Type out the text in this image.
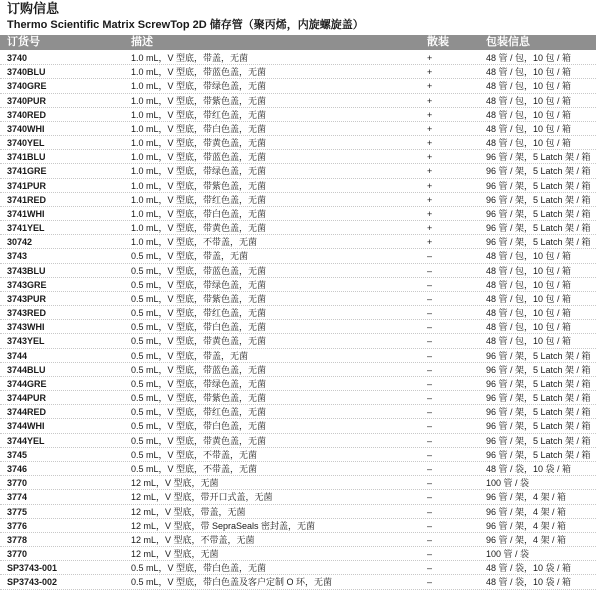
订购信息
Thermo Scientific Matrix ScrewTop 2D 储存管（聚丙烯，内旋螺旋盖）
订货号	描述	散装	包装信息
3740	1.0 mL，V 型底，带盖，无菌	+	48 管 / 包，10 包 / 箱
3740BLU	1.0 mL，V 型底，带蓝色盖，无菌	+	48 管 / 包，10 包 / 箱
3740GRE	1.0 mL，V 型底，带绿色盖，无菌	+	48 管 / 包，10 包 / 箱
3740PUR	1.0 mL，V 型底，带紫色盖，无菌	+	48 管 / 包，10 包 / 箱
3740RED	1.0 mL，V 型底，带红色盖，无菌	+	48 管 / 包，10 包 / 箱
3740WHI	1.0 mL，V 型底，带白色盖，无菌	+	48 管 / 包，10 包 / 箱
3740YEL	1.0 mL，V 型底，带黄色盖，无菌	+	48 管 / 包，10 包 / 箱
3741BLU	1.0 mL，V 型底，带蓝色盖，无菌	+	96 管 / 架，5 Latch 架 / 箱
3741GRE	1.0 mL，V 型底，带绿色盖，无菌	+	96 管 / 架，5 Latch 架 / 箱
3741PUR	1.0 mL，V 型底，带紫色盖，无菌	+	96 管 / 架，5 Latch 架 / 箱
3741RED	1.0 mL，V 型底，带红色盖，无菌	+	96 管 / 架，5 Latch 架 / 箱
3741WHI	1.0 mL，V 型底，带白色盖，无菌	+	96 管 / 架，5 Latch 架 / 箱
3741YEL	1.0 mL，V 型底，带黄色盖，无菌	+	96 管 / 架，5 Latch 架 / 箱
30742	1.0 mL，V 型底，不带盖，无菌	+	96 管 / 架，5 Latch 架 / 箱
3743	0.5 mL，V 型底，带盖，无菌	–	48 管 / 包，10 包 / 箱
3743BLU	0.5 mL，V 型底，带蓝色盖，无菌	–	48 管 / 包，10 包 / 箱
3743GRE	0.5 mL，V 型底，带绿色盖，无菌	–	48 管 / 包，10 包 / 箱
3743PUR	0.5 mL，V 型底，带紫色盖，无菌	–	48 管 / 包，10 包 / 箱
3743RED	0.5 mL，V 型底，带红色盖，无菌	–	48 管 / 包，10 包 / 箱
3743WHI	0.5 mL，V 型底，带白色盖，无菌	–	48 管 / 包，10 包 / 箱
3743YEL	0.5 mL，V 型底，带黄色盖，无菌	–	48 管 / 包，10 包 / 箱
3744	0.5 mL，V 型底，带盖，无菌	–	96 管 / 架，5 Latch 架 / 箱
3744BLU	0.5 mL，V 型底，带蓝色盖，无菌	–	96 管 / 架，5 Latch 架 / 箱
3744GRE	0.5 mL，V 型底，带绿色盖，无菌	–	96 管 / 架，5 Latch 架 / 箱
3744PUR	0.5 mL，V 型底，带紫色盖，无菌	–	96 管 / 架，5 Latch 架 / 箱
3744RED	0.5 mL，V 型底，带红色盖，无菌	–	96 管 / 架，5 Latch 架 / 箱
3744WHI	0.5 mL，V 型底，带白色盖，无菌	–	96 管 / 架，5 Latch 架 / 箱
3744YEL	0.5 mL，V 型底，带黄色盖，无菌	–	96 管 / 架，5 Latch 架 / 箱
3745	0.5 mL，V 型底，不带盖，无菌	–	96 管 / 架，5 Latch 架 / 箱
3746	0.5 mL，V 型底，不带盖，无菌	–	48 管 / 袋，10 袋 / 箱
3770	12 mL，V 型底，无菌	–	100 管 / 袋
3774	12 mL，V 型底，带开口式盖，无菌	–	96 管 / 架，4 架 / 箱
3775	12 mL，V 型底，带盖，无菌	–	96 管 / 架，4 架 / 箱
3776	12 mL，V 型底，带 SepraSeals 密封盖，无菌	–	96 管 / 架，4 架 / 箱
3778	12 mL，V 型底，不带盖，无菌	–	96 管 / 架，4 架 / 箱
3770	12 mL，V 型底，无菌	–	100 管 / 袋
SP3743-001	0.5 mL，V 型底，带白色盖，无菌	–	48 管 / 袋，10 袋 / 箱
SP3743-002	0.5 mL，V 型底，带白色盖及客户定制 O 环，无菌	–	48 管 / 袋，10 袋 / 箱
